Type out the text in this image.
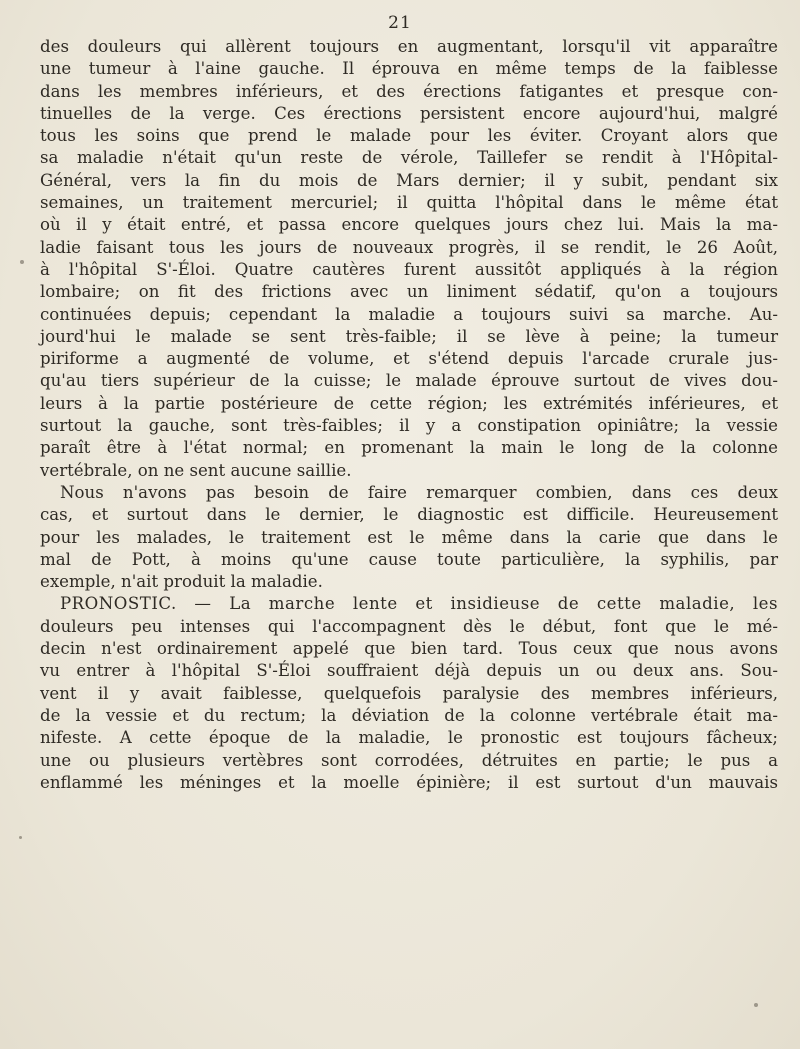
21
des douleurs qui allèrent toujours en augmentant, lorsqu'il vit apparaître
une tumeur à l'aine gauche. Il éprouva en même temps de la faiblesse
dans les membres inférieurs, et des érections fatigantes et presque con-
tinuelles de la verge. Ces érections persistent encore aujourd'hui, malgré
tous les soins que prend le malade pour les éviter. Croyant alors que
sa maladie n'était qu'un reste de vérole, Taillefer se rendit à l'Hôpital-
Général, vers la fin du mois de Mars dernier; il y subit, pendant six
semaines, un traitement mercuriel; il quitta l'hôpital dans le même état
où il y était entré, et passa encore quelques jours chez lui. Mais la ma-
ladie faisant tous les jours de nouveaux progrès, il se rendit, le 26 Août,
à l'hôpital S'-Éloi. Quatre cautères furent aussitôt appliqués à la région
lombaire; on fit des frictions avec un liniment sédatif, qu'on a toujours
continuées depuis; cependant la maladie a toujours suivi sa marche. Au-
jourd'hui le malade se sent très-faible; il se lève à peine; la tumeur
piriforme a augmenté de volume, et s'étend depuis l'arcade crurale jus-
qu'au tiers supérieur de la cuisse; le malade éprouve surtout de vives dou-
leurs à la partie postérieure de cette région; les extrémités inférieures, et
surtout la gauche, sont très-faibles; il y a constipation opiniâtre; la vessie
paraît être à l'état normal; en promenant la main le long de la colonne
vertébrale, on ne sent aucune saillie.
Nous n'avons pas besoin de faire remarquer combien, dans ces deux
cas, et surtout dans le dernier, le diagnostic est difficile. Heureusement
pour les malades, le traitement est le même dans la carie que dans le
mal de Pott, à moins qu'une cause toute particulière, la syphilis, par
exemple, n'ait produit la maladie.
PRONOSTIC. — La marche lente et insidieuse de cette maladie, les
douleurs peu intenses qui l'accompagnent dès le début, font que le mé-
decin n'est ordinairement appelé que bien tard. Tous ceux que nous avons
vu entrer à l'hôpital S'-Éloi souffraient déjà depuis un ou deux ans. Sou-
vent il y avait faiblesse, quelquefois paralysie des membres inférieurs,
de la vessie et du rectum; la déviation de la colonne vertébrale était ma-
nifeste. A cette époque de la maladie, le pronostic est toujours fâcheux;
une ou plusieurs vertèbres sont corrodées, détruites en partie; le pus a
enflammé les méninges et la moelle épinière; il est surtout d'un mauvais
